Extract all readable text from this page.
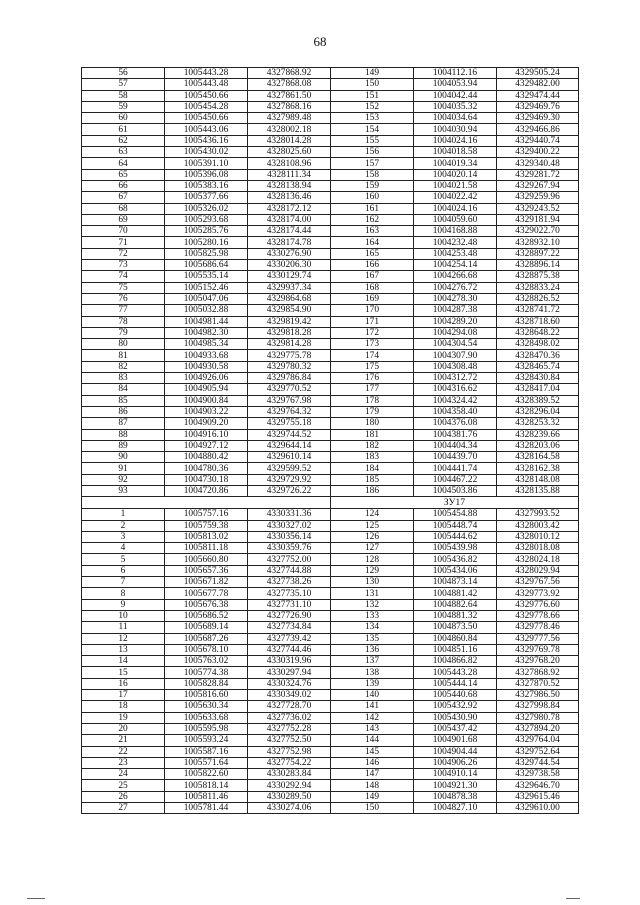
68
56	1005443.28	4327868.92	149	1004112.16	4329505.24
57	1005443.48	4327868.08	150	1004053.94	4329482.00
58	1005450.66	4327861.50	151	1004042.44	4329474.44
59	1005454.28	4327868.16	152	1004035.32	4329469.76
60	1005450.66	4327989.48	153	1004034.64	4329469.30
61	1005443.06	4328002.18	154	1004030.94	4329466.86
62	1005436.16	4328014.28	155	1004024.16	4329440.74
63	1005430.02	4328025.60	156	1004018.58	4329400.22
64	1005391.10	4328108.96	157	1004019.34	4329340.48
65	1005396.08	4328111.34	158	1004020.14	4329281.72
66	1005383.16	4328138.94	159	1004021.58	4329267.94
67	1005377.66	4328136.46	160	1004022.42	4329259.96
68	1005326.02	4328172.12	161	1004024.16	4329243.52
69	1005293.68	4328174.00	162	1004059.60	4329181.94
70	1005285.76	4328174.44	163	1004168.88	4329022.70
71	1005280.16	4328174.78	164	1004232.48	4328932.10
72	1005825.98	4330276.90	165	1004253.48	4328897.22
73	1005686.64	4330206.30	166	1004254.14	4328896.14
74	1005535.14	4330129.74	167	1004266.68	4328875.38
75	1005152.46	4329937.34	168	1004276.72	4328833.24
76	1005047.06	4329864.68	169	1004278.30	4328826.52
77	1005032.88	4329854.90	170	1004287.38	4328741.72
78	1004981.44	4329819.42	171	1004289.20	4328718.60
79	1004982.30	4329818.28	172	1004294.08	4328648.22
80	1004985.34	4329814.28	173	1004304.54	4328498.02
81	1004933.68	4329775.78	174	1004307.90	4328470.36
82	1004930.58	4329780.32	175	1004308.48	4328465.74
83	1004926.06	4329786.84	176	1004312.72	4328430.84
84	1004905.94	4329770.52	177	1004316.62	4328417.04
85	1004900.84	4329767.98	178	1004324.42	4328389.52
86	1004903.22	4329764.32	179	1004358.40	4328296.04
87	1004909.20	4329755.18	180	1004376.08	4328253.32
88	1004916.10	4329744.52	181	1004381.76	4328239.66
89	1004927.12	4329644.14	182	1004404.34	4328203.06
90	1004880.42	4329610.14	183	1004439.70	4328164.58
91	1004780.36	4329599.52	184	1004441.74	4328162.38
92	1004730.18	4329729.92	185	1004467.22	4328148.08
93	1004720.86	4329726.22	186	1004503.86	4328135.88
			ЗУ17		
1	1005757.16	4330331.36	124	1005454.88	4327993.52
2	1005759.38	4330327.02	125	1005448.74	4328003.42
3	1005813.02	4330356.14	126	1005444.62	4328010.12
4	1005811.18	4330359.76	127	1005439.98	4328018.08
5	1005660.80	4327752.00	128	1005436.82	4328024.18
6	1005657.36	4327744.88	129	1005434.06	4328029.94
7	1005671.82	4327738.26	130	1004873.14	4329767.56
8	1005677.78	4327735.10	131	1004881.42	4329773.92
9	1005676.38	4327731.10	132	1004882.64	4329776.60
10	1005686.52	4327726.90	133	1004881.32	4329778.66
11	1005689.14	4327734.84	134	1004873.50	4329778.46
12	1005687.26	4327739.42	135	1004860.84	4329777.56
13	1005678.10	4327744.46	136	1004851.16	4329769.78
14	1005763.02	4330319.96	137	1004866.82	4329768.20
15	1005774.38	4330297.94	138	1005443.28	4327868.92
16	1005828.84	4330324.76	139	1005444.14	4327870.52
17	1005816.60	4330349.02	140	1005440.68	4327986.50
18	1005630.34	4327728.70	141	1005432.92	4327998.84
19	1005633.68	4327736.02	142	1005430.90	4327980.78
20	1005595.98	4327752.28	143	1005437.42	4327894.20
21	1005593.24	4327752.50	144	1004901.68	4329764.04
22	1005587.16	4327752.98	145	1004904.44	4329752.64
23	1005571.64	4327754.22	146	1004906.26	4329744.54
24	1005822.60	4330283.84	147	1004910.14	4329738.58
25	1005818.14	4330292.94	148	1004921.30	4329646.70
26	1005811.46	4330289.50	149	1004878.38	4329615.46
27	1005781.44	4330274.06	150	1004827.10	4329610.00
